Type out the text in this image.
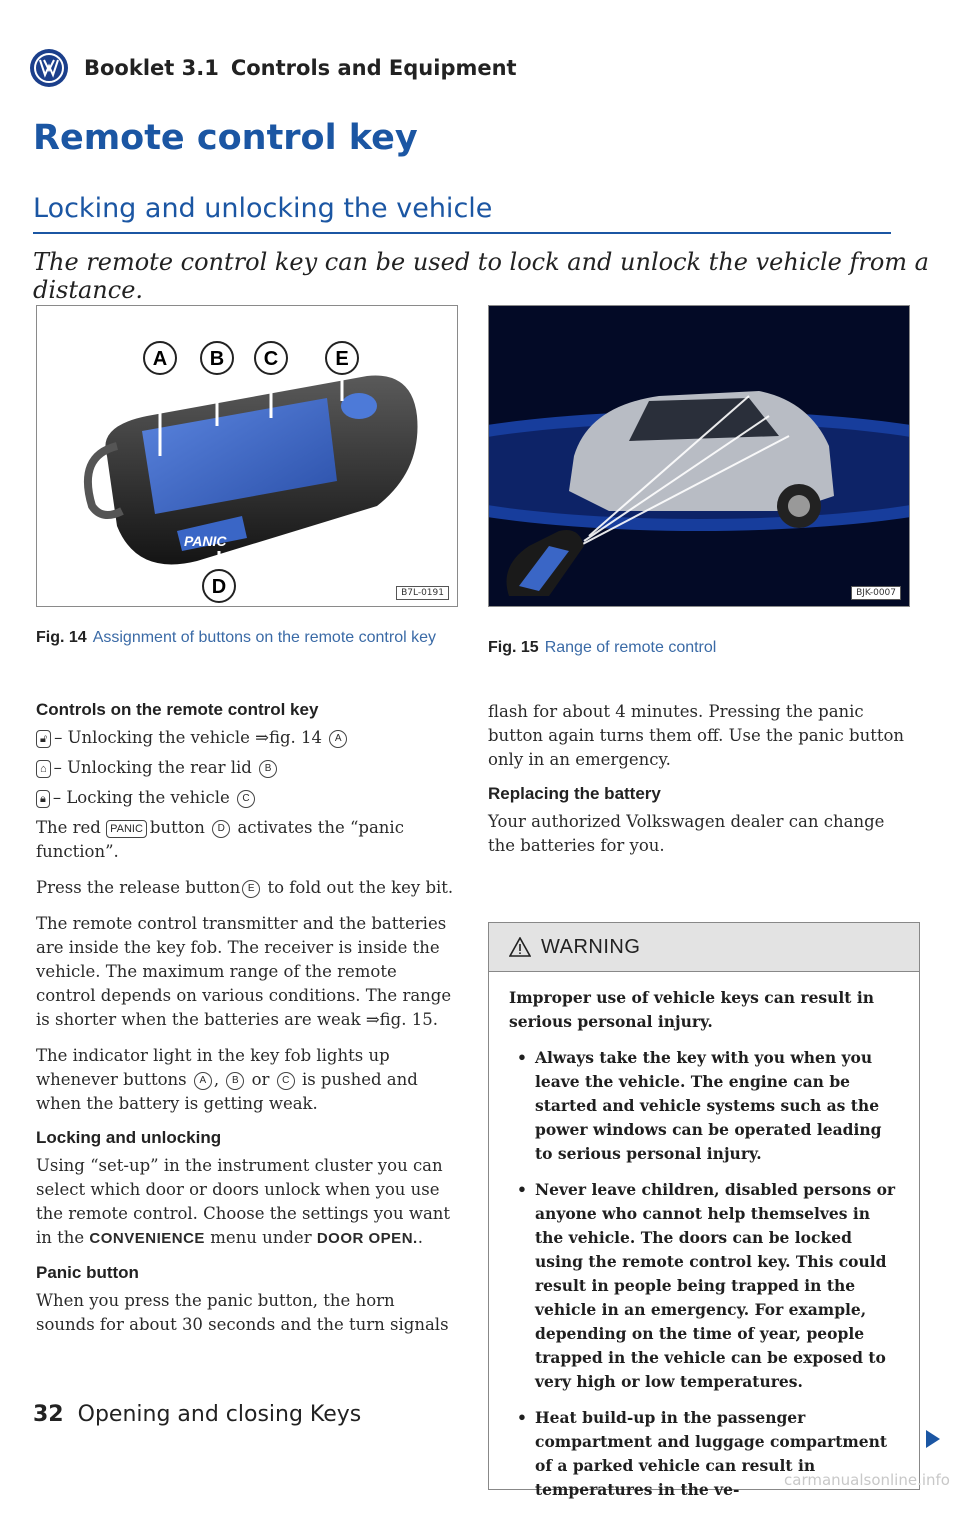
Booklet 3.1 Controls and Equipment
Remote control key
Locking and unlocking the vehicle
The remote control key can be used to lock and unlock the vehicle from a distance.
PANIC
A B C
D
E
B7L-0191	BJK-0007
Fig. 14 Assignment of buttons on the remote control key
Fig. 15 Range of remote control
Controls on the remote control key
🔓︎ – Unlocking the vehicle ⇒fig. 14 A
⌂ – Unlocking the rear lid B
🔒︎ – Locking the vehicle C
The red PANIC button D activates the “panic function”.
Press the release button E to fold out the key bit.
The remote control transmitter and the batteries are inside the key fob. The receiver is inside the vehicle. The maximum range of the remote control depends on various conditions. The range is shorter when the batteries are weak ⇒fig. 15.
The indicator light in the key fob lights up whenever buttons A , B or C is pushed and when the battery is getting weak.
Locking and unlocking
Using “set-up” in the instrument cluster you can select which door or doors unlock when you use the remote control. Choose the settings you want in the CONVENIENCE menu under DOOR OPEN..
Panic button
When you press the panic button, the horn sounds for about 30 seconds and the turn signals
flash for about 4 minutes. Pressing the panic button again turns them off. Use the panic button only in an emergency.
Replacing the battery
Your authorized Volkswagen dealer can change the batteries for you.
WARNING

Improper use of vehicle keys can result in serious personal injury.

• Always take the key with you when you leave the vehicle. The engine can be started and vehicle systems such as the power windows can be operated leading to serious personal injury.

• Never leave children, disabled persons or anyone who cannot help themselves in the vehicle. The doors can be locked using the remote control key. This could result in people being trapped in the vehicle in an emergency. For example, depending on the time of year, people trapped in the vehicle can be exposed to very high or low temperatures.

• Heat build-up in the passenger compartment and luggage compartment of a parked vehicle can result in temperatures in the ve-

32 Opening and closing Keys
carmanualsonline.info
